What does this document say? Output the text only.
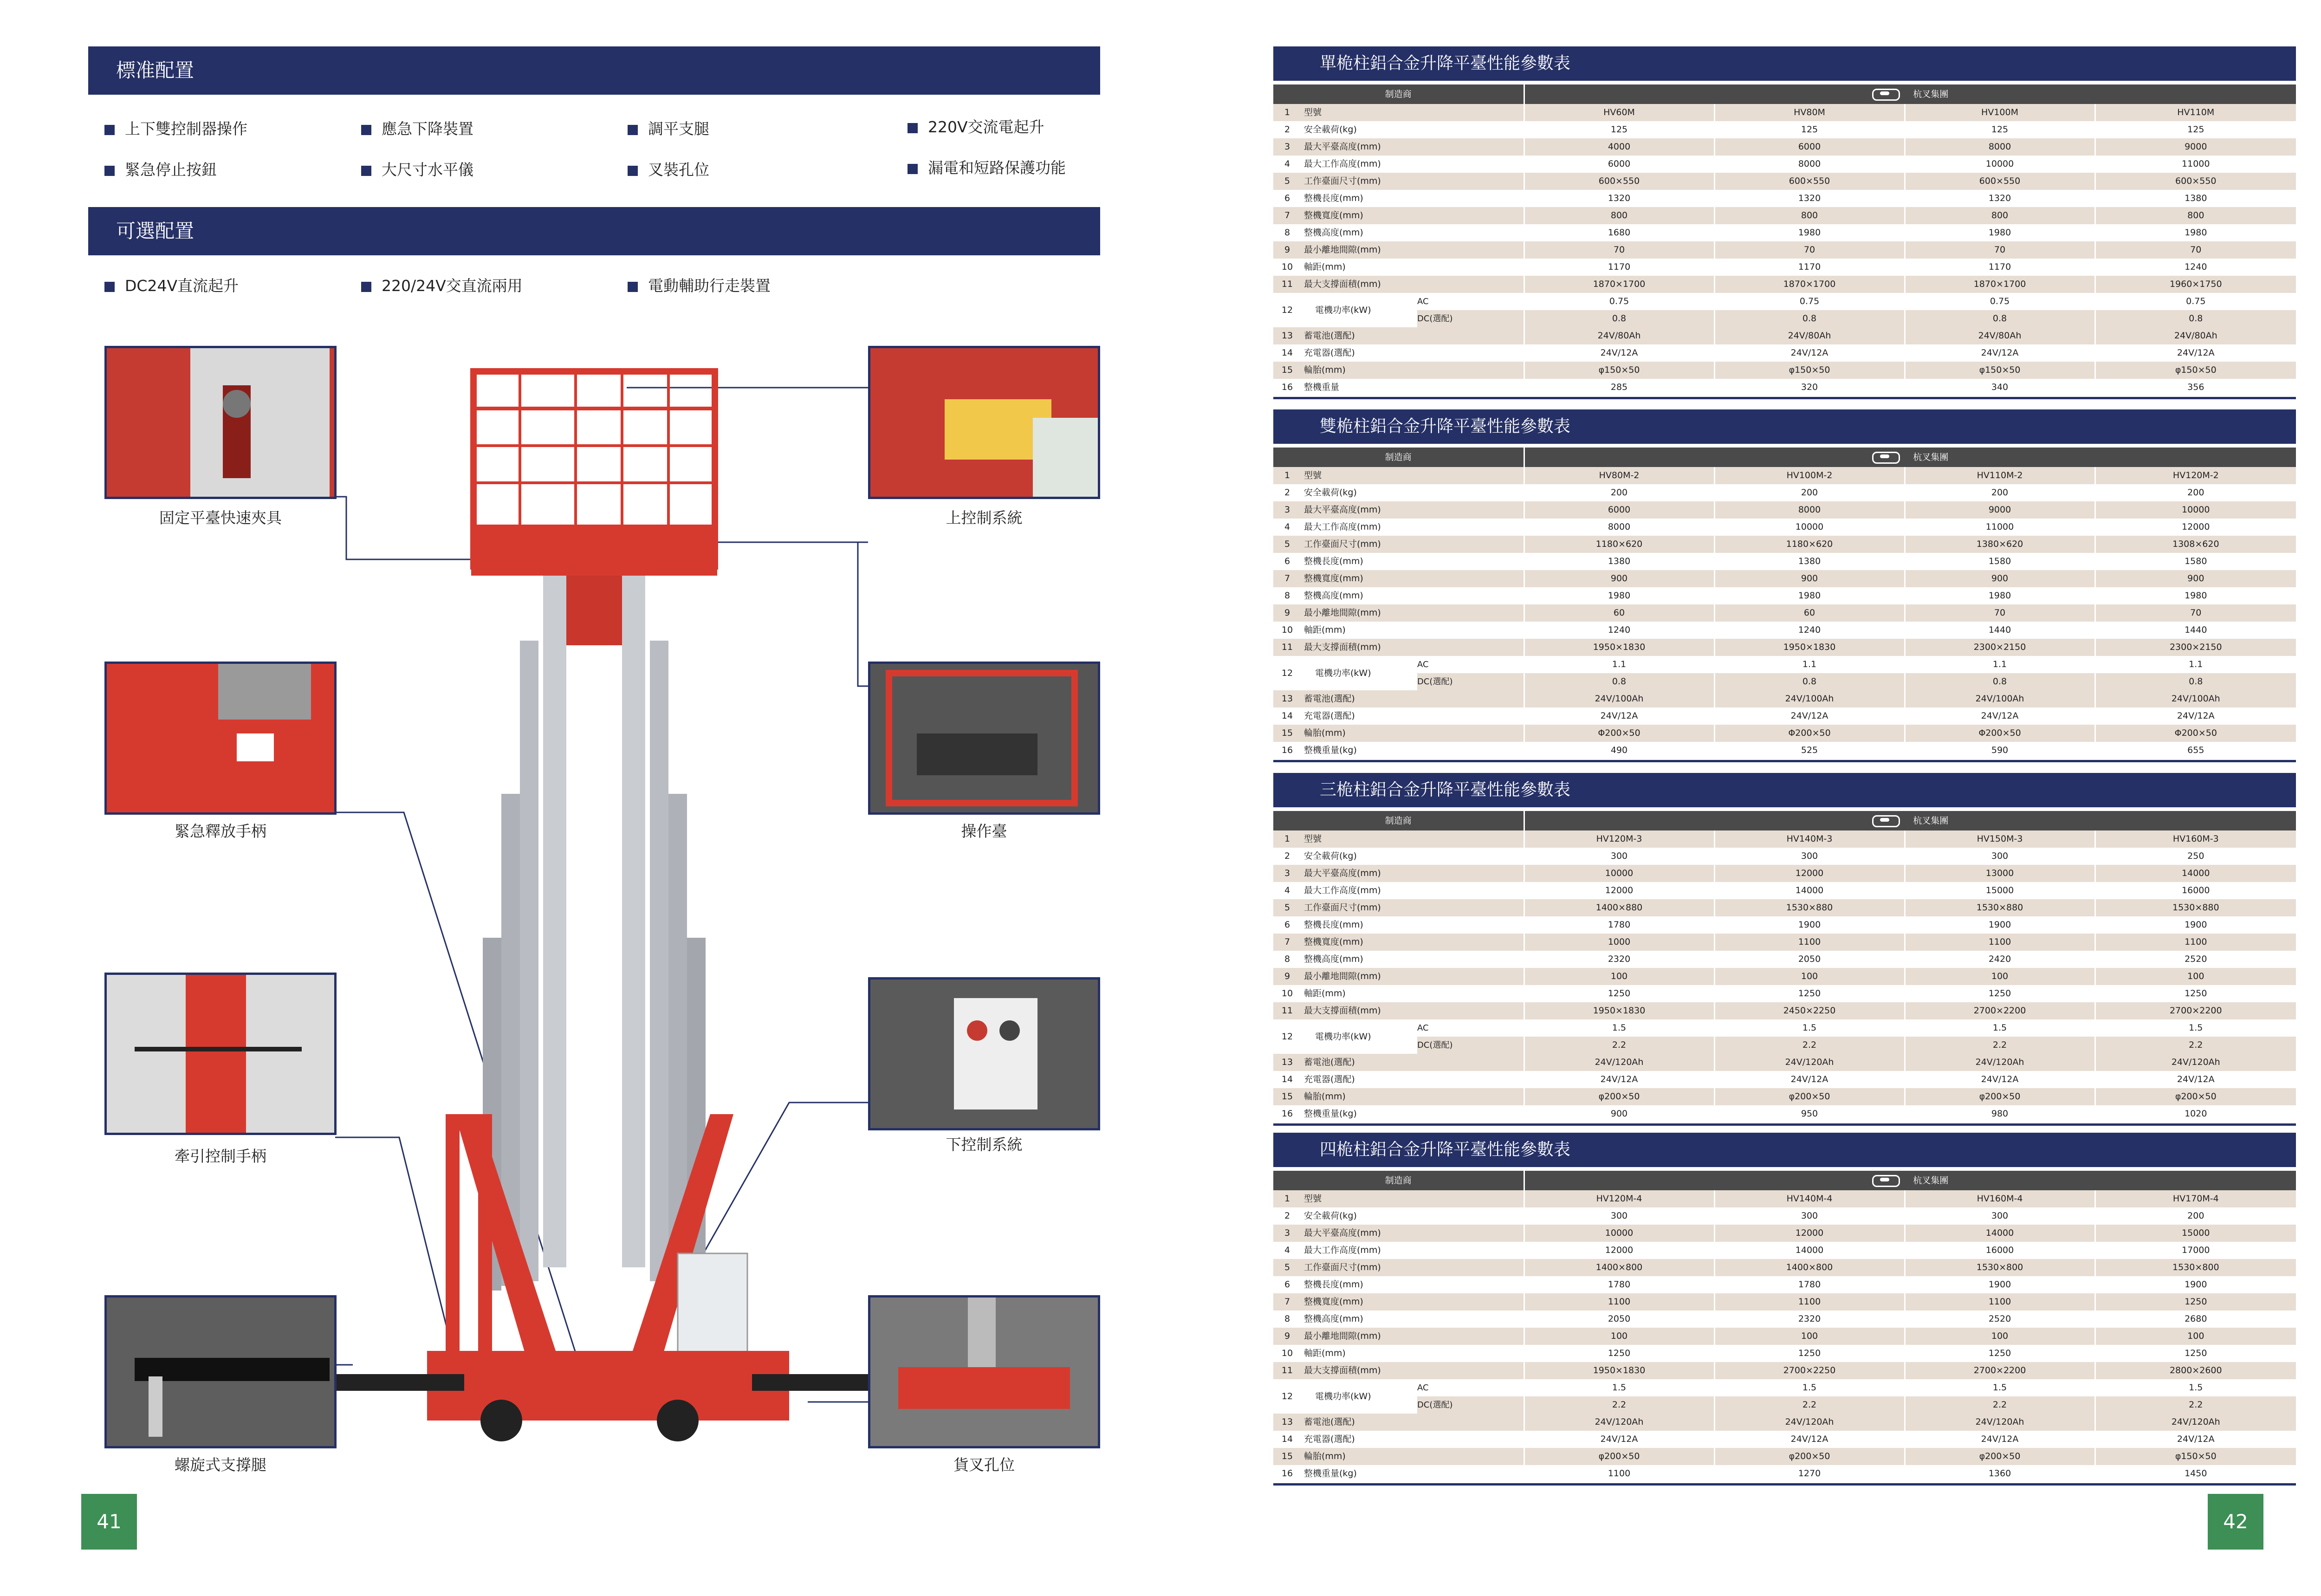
標准配置
上下雙控制器操作	應急下降裝置	調平支腿	220V交流電起升
緊急停止按鈕	大尺寸水平儀	叉裝孔位	漏電和短路保護功能
可選配置
DC24V直流起升	220/24V交直流兩用	電動輔助行走裝置
固定平臺快速夾具	上控制系統
緊急釋放手柄	操作臺
牽引控制手柄
下控制系統
螺旋式支撐腿	貨叉孔位
41
單桅柱鋁合金升降平臺性能參數表
制造商			杭叉集團			
1	型號		HV60M	HV80M	HV100M	HV110M
2	安全載荷(kg)		125	125	125	125
3	最大平臺高度(mm)		4000	6000	8000	9000
4	最大工作高度(mm)		6000	8000	10000	11000
5	工作臺面尺寸(mm)		600×550	600×550	600×550	600×550
6	整機長度(mm)		1320	1320	1320	1380
7	整機寬度(mm)		800	800	800	800
8	整機高度(mm)		1680	1980	1980	1980
9	最小離地間隙(mm)		70	70	70	70
10	軸距(mm)		1170	1170	1170	1240
11	最大支撐面積(mm)		1870×1700	1870×1700	1870×1700	1960×1750
12	電機功率(kW)	AC	0.75	0.75	0.75	0.75
		DC(選配)	0.8	0.8	0.8	0.8
13	蓄電池(選配)		24V/80Ah	24V/80Ah	24V/80Ah	24V/80Ah
14	充電器(選配)		24V/12A	24V/12A	24V/12A	24V/12A
15	輪胎(mm)		φ150×50	φ150×50	φ150×50	φ150×50
16	整機重量		285	320	340	356
雙桅柱鋁合金升降平臺性能參數表
制造商			杭叉集團			
1	型號		HV80M-2	HV100M-2	HV110M-2	HV120M-2
2	安全載荷(kg)		200	200	200	200
3	最大平臺高度(mm)		6000	8000	9000	10000
4	最大工作高度(mm)		8000	10000	11000	12000
5	工作臺面尺寸(mm)		1180×620	1180×620	1380×620	1308×620
6	整機長度(mm)		1380	1380	1580	1580
7	整機寬度(mm)		900	900	900	900
8	整機高度(mm)		1980	1980	1980	1980
9	最小離地間隙(mm)		60	60	70	70
10	軸距(mm)		1240	1240	1440	1440
11	最大支撐面積(mm)		1950×1830	1950×1830	2300×2150	2300×2150
12	電機功率(kW)	AC	1.1	1.1	1.1	1.1
		DC(選配)	0.8	0.8	0.8	0.8
13	蓄電池(選配)		24V/100Ah	24V/100Ah	24V/100Ah	24V/100Ah
14	充電器(選配)		24V/12A	24V/12A	24V/12A	24V/12A
15	輪胎(mm)		Φ200×50	Φ200×50	Φ200×50	Φ200×50
16	整機重量(kg)		490	525	590	655
三桅柱鋁合金升降平臺性能參數表
制造商			杭叉集團			
1	型號		HV120M-3	HV140M-3	HV150M-3	HV160M-3
2	安全載荷(kg)		300	300	300	250
3	最大平臺高度(mm)		10000	12000	13000	14000
4	最大工作高度(mm)		12000	14000	15000	16000
5	工作臺面尺寸(mm)		1400×880	1530×880	1530×880	1530×880
6	整機長度(mm)		1780	1900	1900	1900
7	整機寬度(mm)		1000	1100	1100	1100
8	整機高度(mm)		2320	2050	2420	2520
9	最小離地間隙(mm)		100	100	100	100
10	軸距(mm)		1250	1250	1250	1250
11	最大支撐面積(mm)		1950×1830	2450×2250	2700×2200	2700×2200
12	電機功率(kW)	AC	1.5	1.5	1.5	1.5
		DC(選配)	2.2	2.2	2.2	2.2
13	蓄電池(選配)		24V/120Ah	24V/120Ah	24V/120Ah	24V/120Ah
14	充電器(選配)		24V/12A	24V/12A	24V/12A	24V/12A
15	輪胎(mm)		φ200×50	φ200×50	φ200×50	φ200×50
16	整機重量(kg)		900	950	980	1020
四桅柱鋁合金升降平臺性能參數表
制造商			杭叉集團			
1	型號		HV120M-4	HV140M-4	HV160M-4	HV170M-4
2	安全載荷(kg)		300	300	300	200
3	最大平臺高度(mm)		10000	12000	14000	15000
4	最大工作高度(mm)		12000	14000	16000	17000
5	工作臺面尺寸(mm)		1400×800	1400×800	1530×800	1530×800
6	整機長度(mm)		1780	1780	1900	1900
7	整機寬度(mm)		1100	1100	1100	1250
8	整機高度(mm)		2050	2320	2520	2680
9	最小離地間隙(mm)		100	100	100	100
10	軸距(mm)		1250	1250	1250	1250
11	最大支撐面積(mm)		1950×1830	2700×2250	2700×2200	2800×2600
12	電機功率(kW)	AC	1.5	1.5	1.5	1.5
		DC(選配)	2.2	2.2	2.2	2.2
13	蓄電池(選配)		24V/120Ah	24V/120Ah	24V/120Ah	24V/120Ah
14	充電器(選配)		24V/12A	24V/12A	24V/12A	24V/12A
15	輪胎(mm)		φ200×50	φ200×50	φ200×50	φ150×50
16	整機重量(kg)		1100	1270	1360	1450
42
